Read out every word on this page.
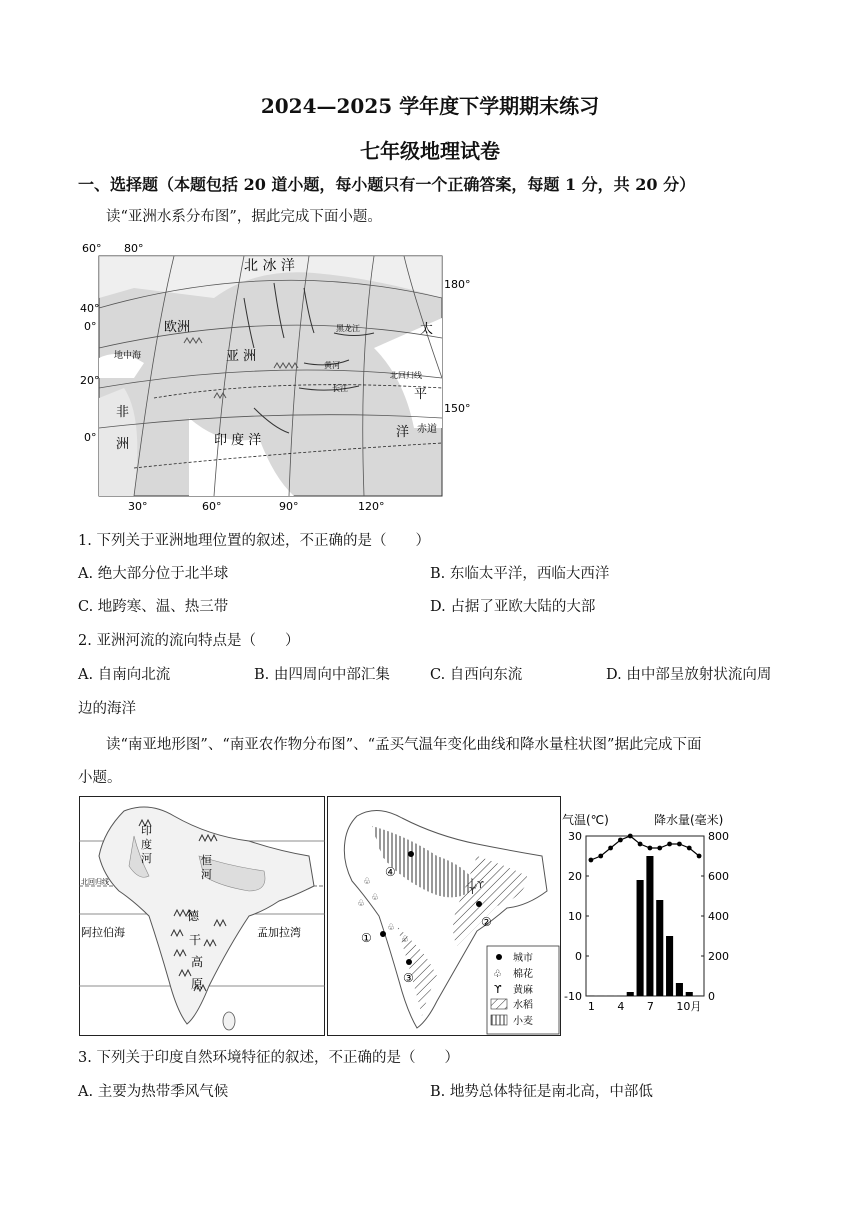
2024—2025 学年度下学期期末练习
七年级地理试卷
一、选择题（本题包括 20 道小题，每小题只有一个正确答案，每题 1 分，共 20 分）
读“亚洲水系分布图”，据此完成下面小题。
60° 80°
40°
0°
20°
0°
180°
150°
30°	60°	90°	120°
北 冰 洋
欧洲
亚 洲
非
洲	印 度 洋
太
平
洋 赤道
北回归线
地中海
黑龙江
黄河
长江
1. 下列关于亚洲地理位置的叙述，不正确的是（　　）
A. 绝大部分位于北半球	B. 东临太平洋，西临大西洋
C. 地跨寒、温、热三带	D. 占据了亚欧大陆的大部
2. 亚洲河流的流向特点是（　　）
A. 自南向北流	B. 由四周向中部汇集	C. 自西向东流	D. 由中部呈放射状流向周
边的海洋
读“南亚地形图”、“南亚农作物分布图”、“孟买气温年变化曲线和降水量柱状图”据此完成下面
小题。
印
度
河	恒
河
德
干
高
原
阿拉伯海	孟加拉湾
北回归线
④
②
①
③
♧
♧
♧
♧
♧
ϒ
ϒ
城市
♧ 棉花
ϒ 黄麻
水稻
小麦
气温(℃)	降水量(毫米)
30
20
10
0
-10
800
600
400
200
0
1 4 7 10月
3. 下列关于印度自然环境特征的叙述，不正确的是（　　）
A. 主要为热带季风气候	B. 地势总体特征是南北高，中部低
